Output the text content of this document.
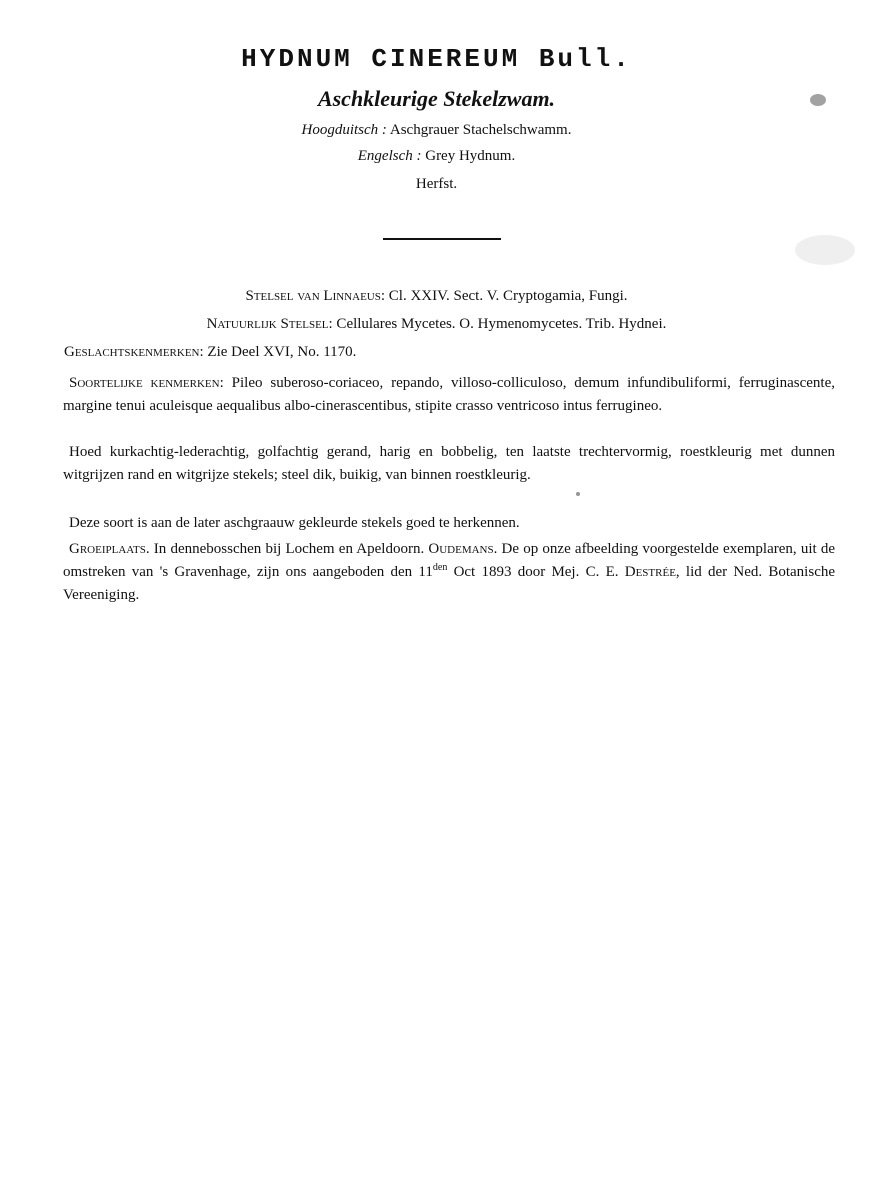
HYDNUM CINEREUM Bull.
Aschkleurige Stekelzwam.
Hoogduitsch : Aschgrauer Stachelschwamm.
Engelsch : Grey Hydnum.
Herfst.
Stelsel van Linnaeus: Cl. XXIV. Sect. V. Cryptogamia, Fungi.
Natuurlijk Stelsel: Cellulares Mycetes. O. Hymenomycetes. Trib. Hydnei.
Geslachtskenmerken: Zie Deel XVI, No. 1170.
Soortelijke kenmerken: Pileo suberoso-coriaceo, repando, villoso-colliculoso, demum infundibuliformi, ferruginascente, margine tenui aculeisque aequalibus albo-cinerascentibus, stipite crasso ventricoso intus ferrugineo.
Hoed kurkachtig-lederachtig, golfachtig gerand, harig en bobbelig, ten laatste trechtervormig, roestkleurig met dunnen witgrijzen rand en witgrijze stekels; steel dik, buikig, van binnen roestkleurig.
Deze soort is aan de later aschgraauw gekleurde stekels goed te herkennen.
Groeiplaats. In dennebosschen bij Lochem en Apeldoorn. Oudemans. De op onze afbeelding voorgestelde exemplaren, uit de omstreken van 's Gravenhage, zijn ons aangeboden den $11^{den}$ Oct 1893 door Mej. C. E. Destrée, lid der Ned. Botanische Vereeniging.
